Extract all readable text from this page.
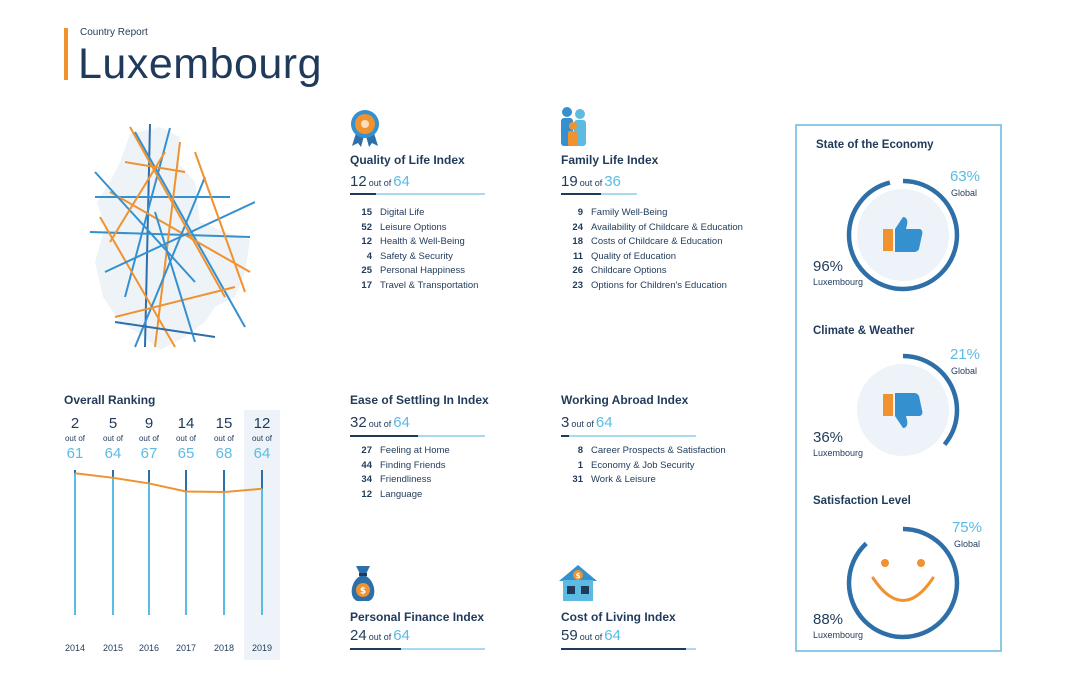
Country Report
Luxembourg
Quality of Life Index
12 out of 64
15 Digital Life
52 Leisure Options
12 Health & Well-Being
4 Safety & Security
25 Personal Happiness
17 Travel & Transportation
Family Life Index
19 out of 36
9 Family Well-Being
24 Availability of Childcare & Education
18 Costs of Childcare & Education
11 Quality of Education
26 Childcare Options
23 Options for Children's Education
Ease of Settling In Index
32 out of 64
27 Feeling at Home
44 Finding Friends
34 Friendliness
12 Language
Working Abroad Index
3 out of 64
8 Career Prospects & Satisfaction
1 Economy & Job Security
31 Work & Leisure
$
Personal Finance Index
24 out of 64
$
Cost of Living Index
59 out of 64
Overall Ranking
2
out of
61
2014
5
out of
64
2015
9
out of
67
2016
14
out of
65
2017
15
out of
68
2018
12
out of
64
2019
State of the Economy
63%
Global
96%
Luxembourg
Climate & Weather
21%
Global
36%
Luxembourg
Satisfaction Level
75%
Global
88%
Luxembourg
